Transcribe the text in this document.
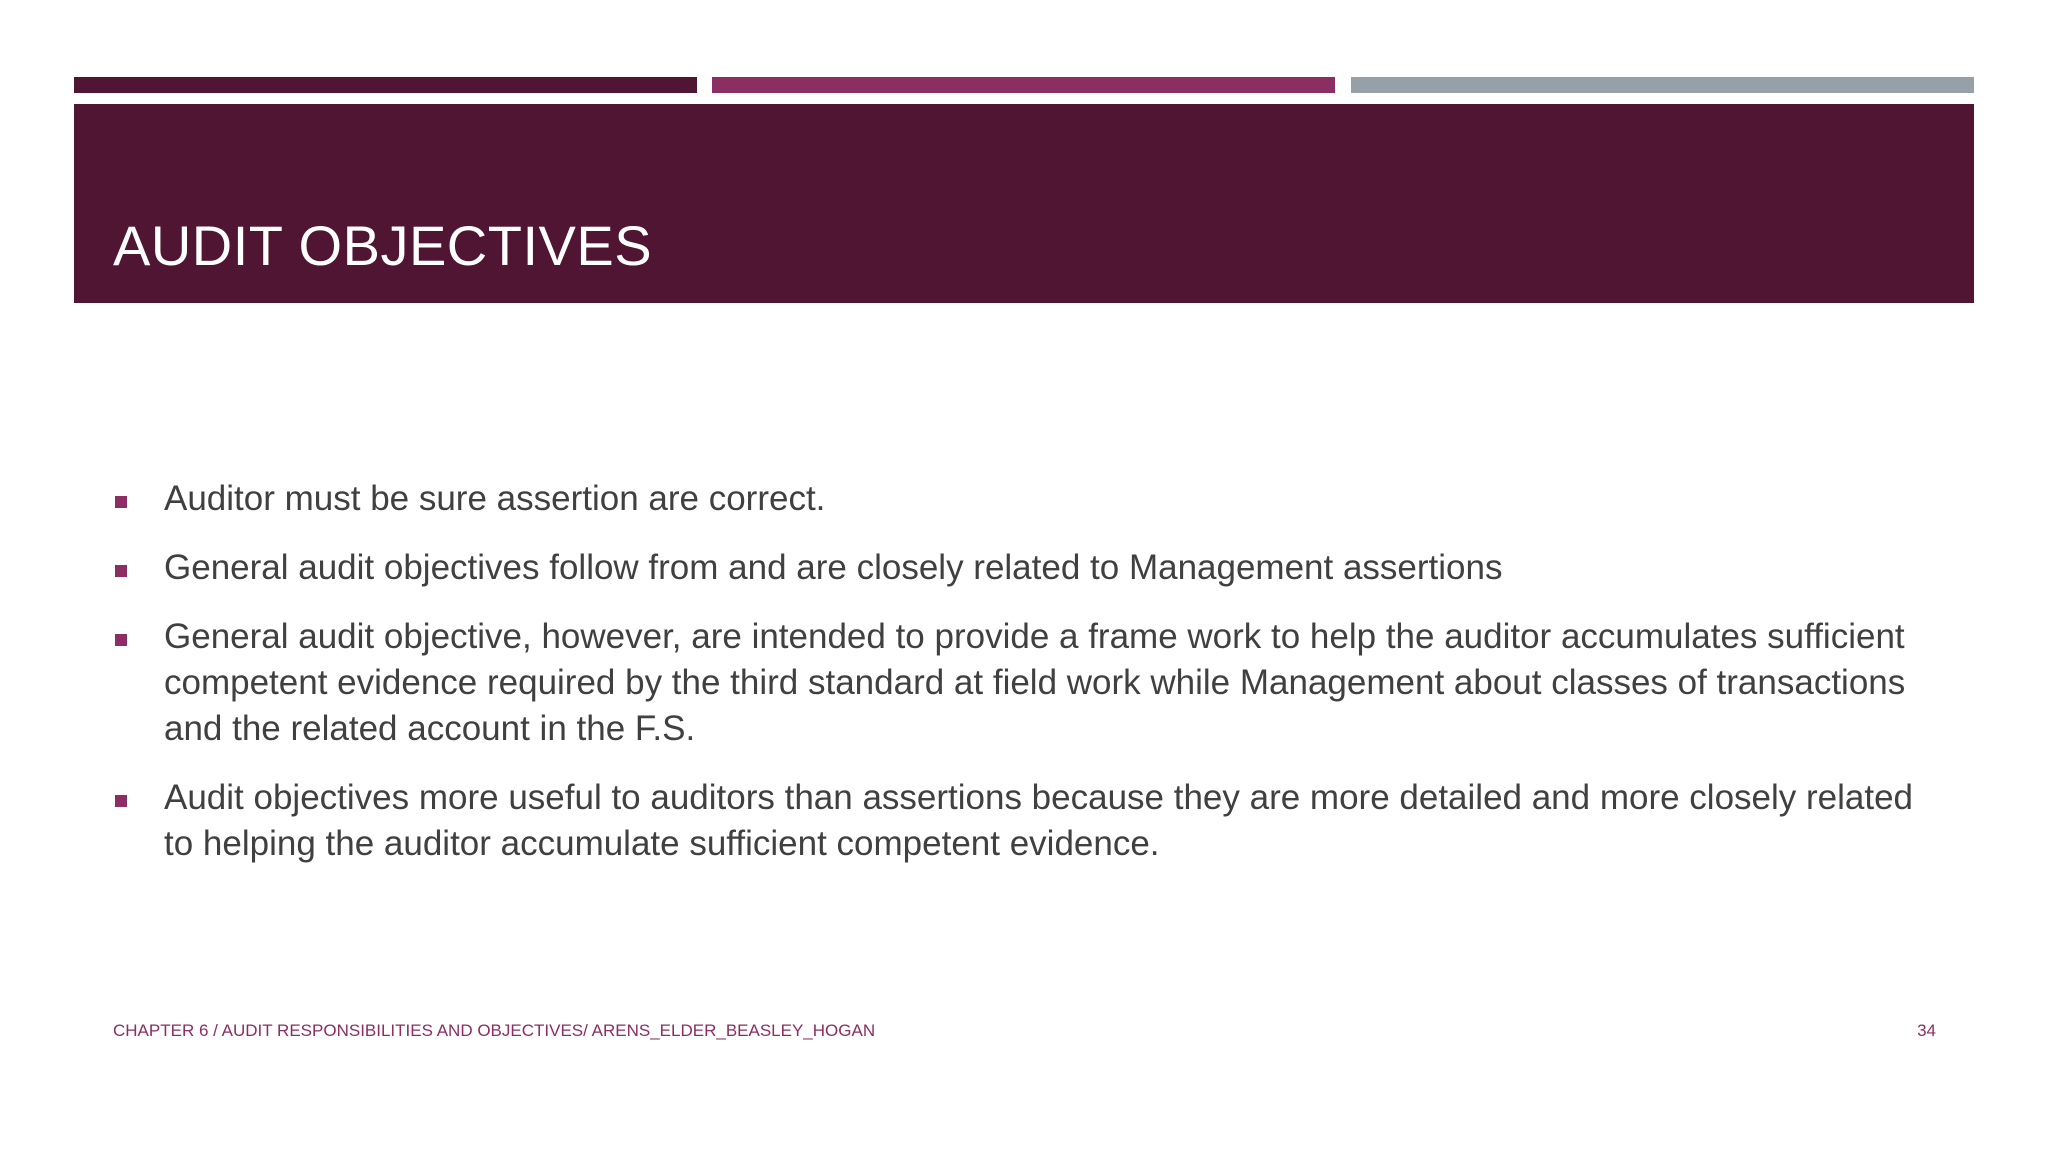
AUDIT OBJECTIVES
Auditor must be sure assertion are correct.
General audit objectives follow from and are closely related to Management assertions
General audit objective, however, are intended to provide a frame work to help the auditor accumulates sufficient competent evidence required by the third standard at field work while Management about classes of transactions and the related account in the F.S.
Audit objectives more useful to auditors than assertions because they are more detailed and more closely related to helping the auditor accumulate sufficient competent evidence.
CHAPTER 6 / AUDIT RESPONSIBILITIES AND OBJECTIVES/ ARENS_ELDER_BEASLEY_HOGAN	34
